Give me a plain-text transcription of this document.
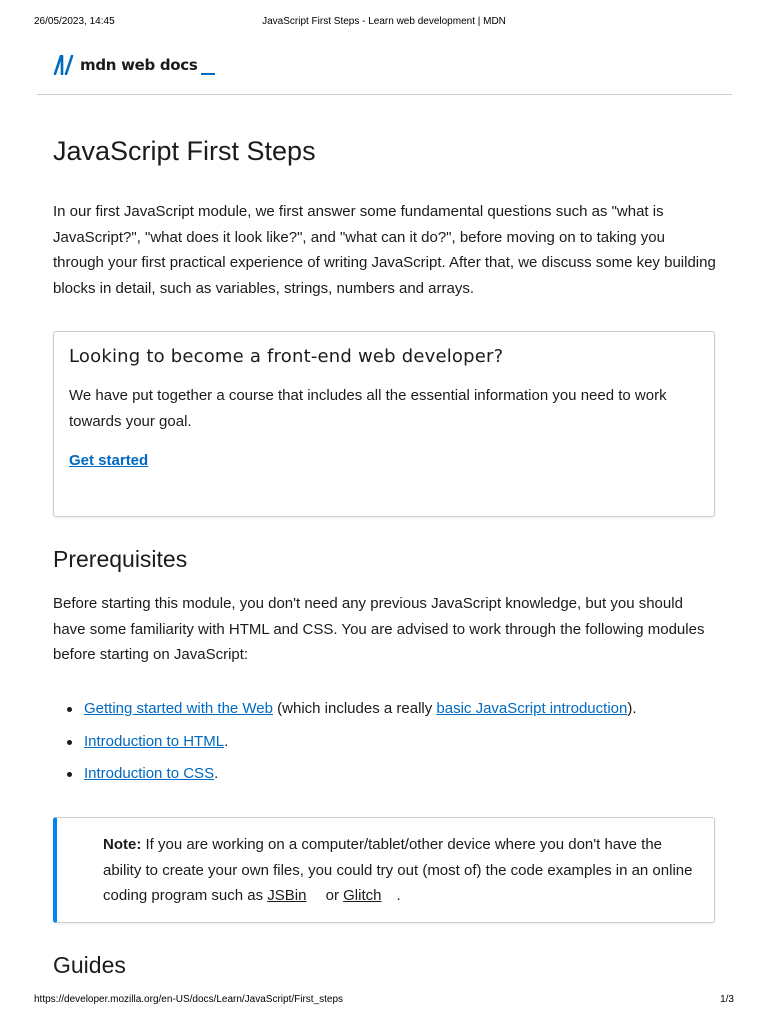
26/05/2023, 14:45	JavaScript First Steps - Learn web development | MDN
mdn web docs
JavaScript First Steps

In our first JavaScript module, we first answer some fundamental questions such as "what is JavaScript?", "what does it look like?", and "what can it do?", before moving on to taking you through your first practical experience of writing JavaScript. After that, we discuss some key building blocks in detail, such as variables, strings, numbers and arrays.

Looking to become a front-end web developer?

We have put together a course that includes all the essential information you need to work towards your goal.

Get started
Prerequisites

Before starting this module, you don't need any previous JavaScript knowledge, but you should have some familiarity with HTML and CSS. You are advised to work through the following modules before starting on JavaScript:

Getting started with the Web (which includes a really basic JavaScript introduction).
Introduction to HTML.
Introduction to CSS.

Note: If you are working on a computer/tablet/other device where you don't have the ability to create your own files, you could try out (most of) the code examples in an online coding program such as JSBin or Glitch .

Guides
https://developer.mozilla.org/en-US/docs/Learn/JavaScript/First_steps	1/3
